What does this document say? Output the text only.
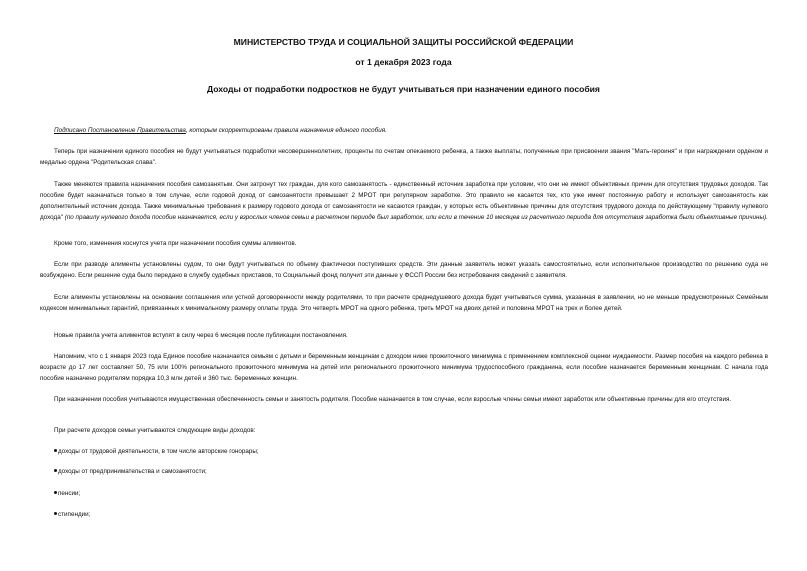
МИНИСТЕРСТВО ТРУДА И СОЦИАЛЬНОЙ ЗАЩИТЫ РОССИЙСКОЙ ФЕДЕРАЦИИ
от 1 декабря 2023 года
Доходы от подработки подростков не будут учитываться при назначении единого пособия

Подписано Постановление Правительства, которым скорректированы правила назначения единого пособия.

Теперь при назначении единого пособия не будут учитываться подработки несовершеннолетних, проценты по счетам опекаемого ребенка, а также выплаты, полученные при присвоении звания "Мать-героиня" и при награждении орденом и медалью ордена "Родительская слава".

Также меняются правила назначения пособия самозанятым. Они затронут тех граждан, для кого самозанятость - единственный источник заработка при условии, что они не имеют объективных причин для отсутствия трудовых доходов. Так пособие будет назначаться только в том случае, если годовой доход от самозанятости превышает 2 МРОТ при регулярном заработке. Это правило не касается тех, кто уже имеет постоянную работу и использует самозанятость как дополнительный источник дохода. Также минимальные требования к размеру годового дохода от самозанятости не касаются граждан, у которых есть объективные причины для отсутствия трудового дохода по действующему "правилу нулевого дохода" (по правилу нулевого дохода пособие назначается, если у взрослых членов семьи в расчетном периоде был заработок, или если в течение 10 месяцев из расчетного периода для отсутствия заработка были объективные причины).

Кроме того, изменения коснутся учета при назначении пособия суммы алиментов.

Если при разводе алименты установлены судом, то они будут учитываться по объему фактически поступивших средств. Эти данные заявитель может указать самостоятельно, если исполнительное производство по решению суда не возбуждено. Если решение суда было передано в службу судебных приставов, то Социальный фонд получит эти данные у ФССП России без истребования сведений с заявителя.

Если алименты установлены на основании соглашения или устной договоренности между родителями, то при расчете среднедушевого дохода будет учитываться сумма, указанная в заявлении, но не меньше предусмотренных Семейным кодексом минимальных гарантий, привязанных к минимальному размеру оплаты труда. Это четверть МРОТ на одного ребенка, треть МРОТ на двоих детей и половина МРОТ на трех и более детей.

Новые правила учета алиментов вступят в силу через 6 месяцев после публикации постановления.

Напомним, что с 1 января 2023 года Единое пособие назначается семьям с детьми и беременным женщинам с доходом ниже прожиточного минимума с применением комплексной оценки нуждаемости. Размер пособия на каждого ребенка в возрасте до 17 лет составляет 50, 75 или 100% регионального прожиточного минимума на детей или регионального прожиточного минимума трудоспособного гражданина, если пособие назначается беременным женщинам. С начала года пособие назначено родителям порядка 10,3 млн детей и 360 тыс. беременных женщин.

При назначении пособия учитываются имущественная обеспеченность семьи и занятость родителя. Пособие назначается в том случае, если взрослые члены семьи имеют заработок или объективные причины для его отсутствия.

При расчете доходов семьи учитываются следующие виды доходов:

доходы от трудовой деятельности, в том числе авторские гонорары;
доходы от предпринимательства и самозанятости;
пенсии;
стипендии;
